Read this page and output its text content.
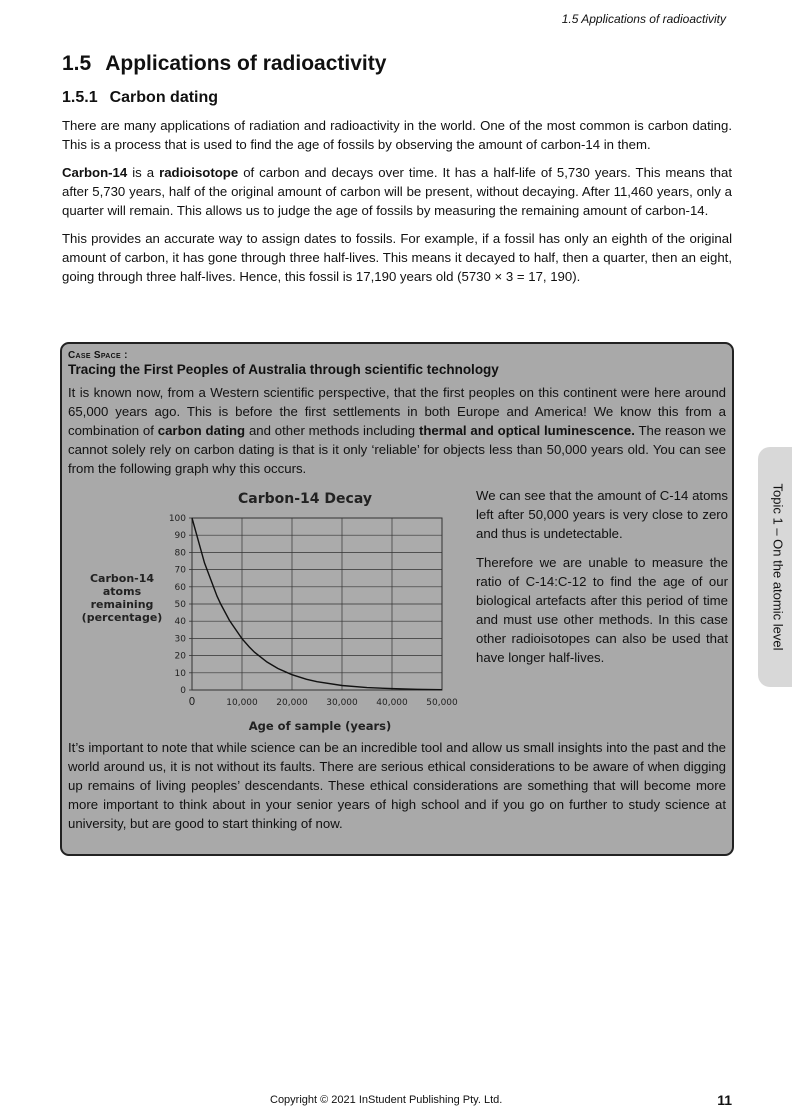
1.5 Applications of radioactivity
1.5 Applications of radioactivity
1.5.1 Carbon dating

There are many applications of radiation and radioactivity in the world. One of the most common is carbon dating. This is a process that is used to find the age of fossils by observing the amount of carbon-14 in them.

Carbon-14 is a radioisotope of carbon and decays over time. It has a half-life of 5,730 years. This means that after 5,730 years, half of the original amount of carbon will be present, without decaying. After 11,460 years, only a quarter will remain. This allows us to judge the age of fossils by measuring the remaining amount of carbon-14.

This provides an accurate way to assign dates to fossils. For example, if a fossil has only an eighth of the original amount of carbon, it has gone through three half-lives. This means it decayed to half, then a quarter, then an eight, going through three half-lives. Hence, this fossil is 17,190 years old (5730 × 3 = 17, 190).

Case Space :
Tracing the First Peoples of Australia through scientific technology

It is known now, from a Western scientific perspective, that the first peoples on this continent were here around 65,000 years ago. This is before the first settlements in both Europe and America! We know this from a combination of carbon dating and other methods including thermal and optical luminescence. The reason we cannot solely rely on carbon dating is that is it only ‘reliable’ for objects less than 50,000 years old. You can see from the following graph why this occurs.

Carbon-14 Decay
0
10
20
30
40
50
60
70
80
90
100
0	10,000 20,000 30,000 40,000 50,000
Carbon-14
atoms
remaining
(percentage)
Age of sample (years)

We can see that the amount of C-14 atoms left after 50,000 years is very close to zero and thus is undetectable.

Therefore we are unable to measure the ratio of C-14:C-12 to find the age of our biological artefacts after this period of time and must use other methods. In this case other radioisotopes can also be used that have longer half-lives.

It’s important to note that while science can be an incredible tool and allow us small insights into the past and the world around us, it is not without its faults. There are serious ethical considerations to be aware of when digging up remains of living peoples’ descendants. These ethical considerations are something that will become more more important to think about in your senior years of high school and if you go on further to study science at university, but are good to start thinking of now.

Topic 1 – On the atomic level
Copyright © 2021 InStudent Publishing Pty. Ltd.	11
